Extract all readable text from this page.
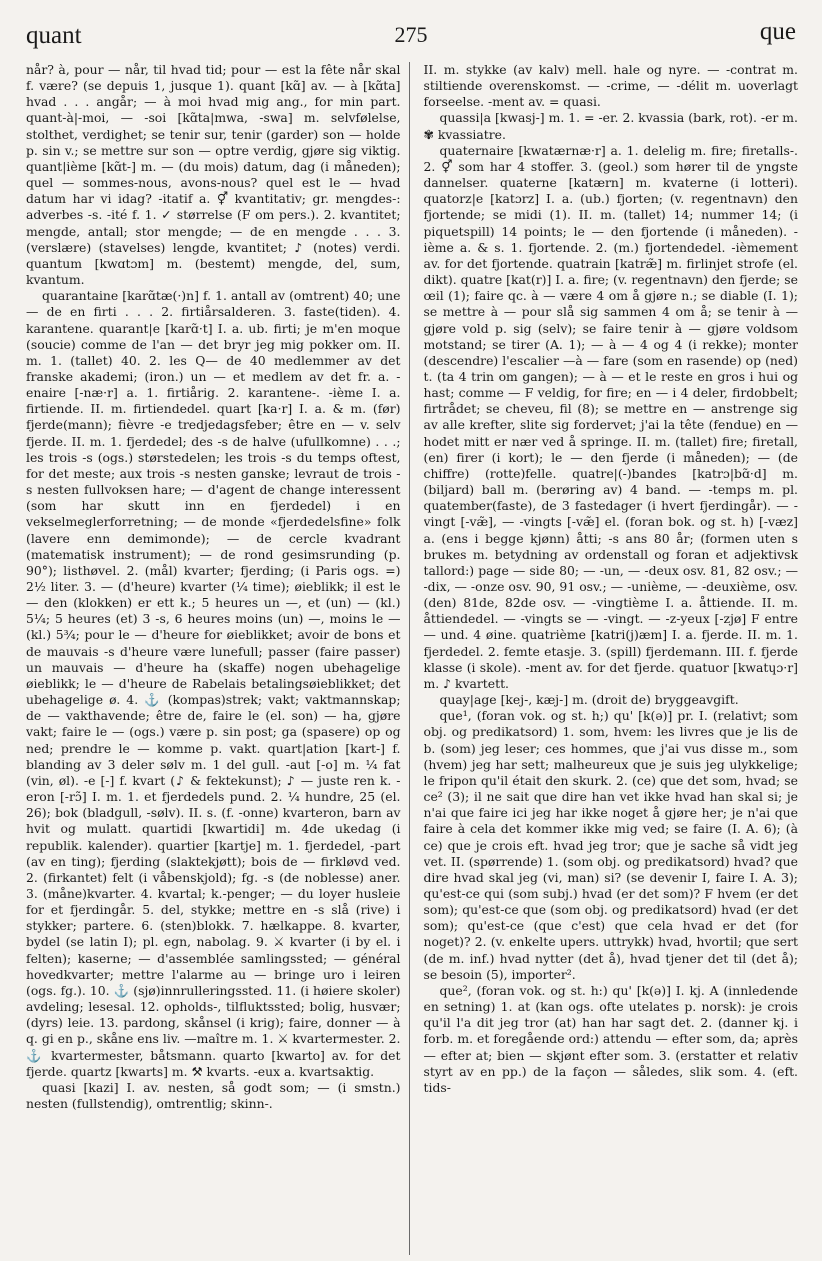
quant	275	que

når? à, pour — når, til hvad tid; pour — est la fête når skal f. være? (se depuis 1, jusque 1). quant [kɑ̃] av. — à [kɑ̃ta] hvad . . . angår; — à moi hvad mig ang., for min part. quant-à|-moi, — -soi [kɑ̃ta|mwa, -swa] m. selvfølelse, stolthet, verdighet; se tenir sur, tenir (garder) son — holde p. sin v.; se mettre sur son — optre verdig, gjøre sig viktig. quant|ième [kɑ̃t-] m. — (du mois) datum, dag (i måneden); quel — sommes-nous, avons-nous? quel est le — hvad datum har vi idag? -itatif a. ⚥ kvantitativ; gr. mengdes-: adverbes -s. -ité f. 1. ✓ størrelse (F om pers.). 2. kvantitet; mengde, antall; stor mengde; — de en mengde . . . 3. (verslære) (stavelses) lengde, kvantitet; ♪ (notes) verdi. quantum [kwɑtɔm] m. (bestemt) mengde, del, sum, kvantum.

quarantaine [karɑ̃tæ(·)n] f. 1. antall av (omtrent) 40; une — de en firti . . . 2. firtiårsalderen. 3. faste(tiden). 4. karantene. quarant|e [karɑ̃·t] I. a. ub. firti; je m'en moque (soucie) comme de l'an — det bryr jeg mig pokker om. II. m. 1. (tallet) 40. 2. les Q— de 40 medlemmer av det franske akademi; (iron.) un — et medlem av det fr. a. -enaire [-næ·r] a. 1. firtiårig. 2. karantene-. -ième I. a. firtiende. II. m. firtiendedel. quart [ka·r] I. a. & m. (før) fjerde(mann); fièvre -e tredjedagsfeber; être en — v. selv fjerde. II. m. 1. fjerdedel; des -s de halve (ufullkomne) . . .; les trois -s (ogs.) størstedelen; les trois -s du temps oftest, for det meste; aux trois -s nesten ganske; levraut de trois -s nesten fullvoksen hare; — d'agent de change interessent (som har skutt inn en fjerdedel) i en vekselmeglerforretning; — de monde «fjerdedelsfine» folk (lavere enn demimonde); — de cercle kvadrant (matematisk instrument); — de rond gesimsrunding (p. 90°); listhøvel. 2. (mål) kvarter; fjerding; (i Paris ogs. =) 2½ liter. 3. — (d'heure) kvarter (¼ time); øieblikk; il est le — den (klokken) er ett k.; 5 heures un —, et (un) — (kl.) 5¼; 5 heures (et) 3 -s, 6 heures moins (un) —, moins le — (kl.) 5¾; pour le — d'heure for øieblikket; avoir de bons et de mauvais -s d'heure være lunefull; passer (faire passer) un mauvais — d'heure ha (skaffe) nogen ubehagelige øieblikk; le — d'heure de Rabelais betalingsøieblikket; det ubehagelige ø. 4. ⚓ (kompas)strek; vakt; vaktmannskap; de — vakthavende; être de, faire le (el. son) — ha, gjøre vakt; faire le — (ogs.) være p. sin post; ga (spasere) op og ned; prendre le — komme p. vakt. quart|ation [kart-] f. blanding av 3 deler sølv m. 1 del gull. -aut [-o] m. ¼ fat (vin, øl). -e [-] f. kvart (♪ & fektekunst); ♪ — juste ren k. -eron [-rɔ̃] I. m. 1. et fjerdedels pund. 2. ¼ hundre, 25 (el. 26); bok (bladgull, -sølv). II. s. (f. -onne) kvarteron, barn av hvit og mulatt. quartidi [kwartidi] m. 4de ukedag (i republik. kalender). quartier [kartje] m. 1. fjerdedel, -part (av en ting); fjerding (slaktekjøtt); bois de — firkløvd ved. 2. (firkantet) felt (i våbenskjold); fg. -s (de noblesse) aner. 3. (måne)kvarter. 4. kvartal; k.-penger; — du loyer husleie for et fjerdingår. 5. del, stykke; mettre en -s slå (rive) i stykker; partere. 6. (sten)blokk. 7. hælkappe. 8. kvarter, bydel (se latin I); pl. egn, nabolag. 9. ⚔ kvarter (i by el. i felten); kaserne; — d'assemblée samlingssted; — général hovedkvarter; mettre l'alarme au — bringe uro i leiren (ogs. fg.). 10. ⚓ (sjø)innrulleringssted. 11. (i høiere skoler) avdeling; lesesal. 12. opholds-, tilfluktssted; bolig, husvær; (dyrs) leie. 13. pardong, skånsel (i krig); faire, donner — à q. gi en p., skåne ens liv. —maître m. 1. ⚔ kvartermester. 2. ⚓ kvartermester, båtsmann. quarto [kwarto] av. for det fjerde. quartz [kwarts] m. ⚒ kvarts. -eux a. kvartsaktig.

quasi [kazi] I. av. nesten, så godt som; — (i smstn.) nesten (fullstendig), omtrentlig; skinn-.

II. m. stykke (av kalv) mell. hale og nyre. — -contrat m. stiltiende overenskomst. — -crime, — -délit m. uoverlagt forseelse. -ment av. = quasi.

quassi|a [kwasj-] m. 1. = -er. 2. kvassia (bark, rot). -er m. ✾ kvassiatre.

quaternaire [kwatærnæ·r] a. 1. delelig m. fire; firetalls-. 2. ⚥ som har 4 stoffer. 3. (geol.) som hører til de yngste dannelser. quaterne [katærn] m. kvaterne (i lotteri). quatorz|e [katɔrz] I. a. (ub.) fjorten; (v. regentnavn) den fjortende; se midi (1). II. m. (tallet) 14; nummer 14; (i piquetspill) 14 points; le — den fjortende (i måneden). -ième a. & s. 1. fjortende. 2. (m.) fjortendedel. -ièmement av. for det fjortende. quatrain [katræ̃] m. firlinjet strofe (el. dikt). quatre [kat(r)] I. a. fire; (v. regentnavn) den fjerde; se œil (1); faire qc. à — være 4 om å gjøre n.; se diable (I. 1); se mettre à — pour slå sig sammen 4 om å; se tenir à — gjøre vold p. sig (selv); se faire tenir à — gjøre voldsom motstand; se tirer (A. 1); — à — 4 og 4 (i rekke); monter (descendre) l'escalier —à — fare (som en rasende) op (ned) t. (ta 4 trin om gangen); — à — et le reste en gros i hui og hast; comme — F veldig, for fire; en — i 4 deler, firdobbelt; firtrådet; se cheveu, fil (8); se mettre en — anstrenge sig av alle krefter, slite sig fordervet; j'ai la tête (fendue) en — hodet mitt er nær ved å springe. II. m. (tallet) fire; firetall, (en) firer (i kort); le — den fjerde (i måneden); — (de chiffre) (rotte)felle. quatre|(-)bandes [katrɔ|bɑ̃·d] m. (biljard) ball m. (berøring av) 4 band. — -temps m. pl. quatember(faste), de 3 fastedager (i hvert fjerdingår). — -vingt [-væ̃], — -vingts [-væ̃] el. (foran bok. og st. h) [-væz] a. (ens i begge kjønn) åtti; -s ans 80 år; (formen uten s brukes m. betydning av ordenstall og foran et adjektivsk tallord:) page — side 80; — -un, — -deux osv. 81, 82 osv.; — -dix, — -onze osv. 90, 91 osv.; — -unième, — -deuxième, osv. (den) 81de, 82de osv. — -vingtième I. a. åttiende. II. m. åttiendedel. — -vingts se — -vingt. — -z-yeux [-zjø] F entre — und. 4 øine. quatrième [katri(j)æm] I. a. fjerde. II. m. 1. fjerdedel. 2. femte etasje. 3. (spill) fjerdemann. III. f. fjerde klasse (i skole). -ment av. for det fjerde. quatuor [kwatɥɔ·r] m. ♪ kvartett.

quay|age [kej-, kæj-] m. (droit de) bryggeavgift.

que¹, (foran vok. og st. h;) qu' [k(ə)] pr. I. (relativt; som obj. og predikatsord) 1. som, hvem: les livres que je lis de b. (som) jeg leser; ces hommes, que j'ai vus disse m., som (hvem) jeg har sett; malheureux que je suis jeg ulykkelige; le fripon qu'il était den skurk. 2. (ce) que det som, hvad; se ce² (3); il ne sait que dire han vet ikke hvad han skal si; je n'ai que faire ici jeg har ikke noget å gjøre her; je n'ai que faire à cela det kommer ikke mig ved; se faire (I. A. 6); (à ce) que je crois eft. hvad jeg tror; que je sache så vidt jeg vet. II. (spørrende) 1. (som obj. og predikatsord) hvad? que dire hvad skal jeg (vi, man) si? (se devenir I, faire I. A. 3); qu'est-ce qui (som subj.) hvad (er det som)? F hvem (er det som); qu'est-ce que (som obj. og predikatsord) hvad (er det som); qu'est-ce (que c'est) que cela hvad er det (for noget)? 2. (v. enkelte upers. uttrykk) hvad, hvortil; que sert (de m. inf.) hvad nytter (det å), hvad tjener det til (det å); se besoin (5), importer².

que², (foran vok. og st. h:) qu' [k(ə)] I. kj. A (innledende en setning) 1. at (kan ogs. ofte utelates p. norsk): je crois qu'il l'a dit jeg tror (at) han har sagt det. 2. (danner kj. i forb. m. et foregående ord:) attendu — efter som, da; après — efter at; bien — skjønt efter som. 3. (erstatter et relativ styrt av en pp.) de la façon — således, slik som. 4. (eft. tids-
